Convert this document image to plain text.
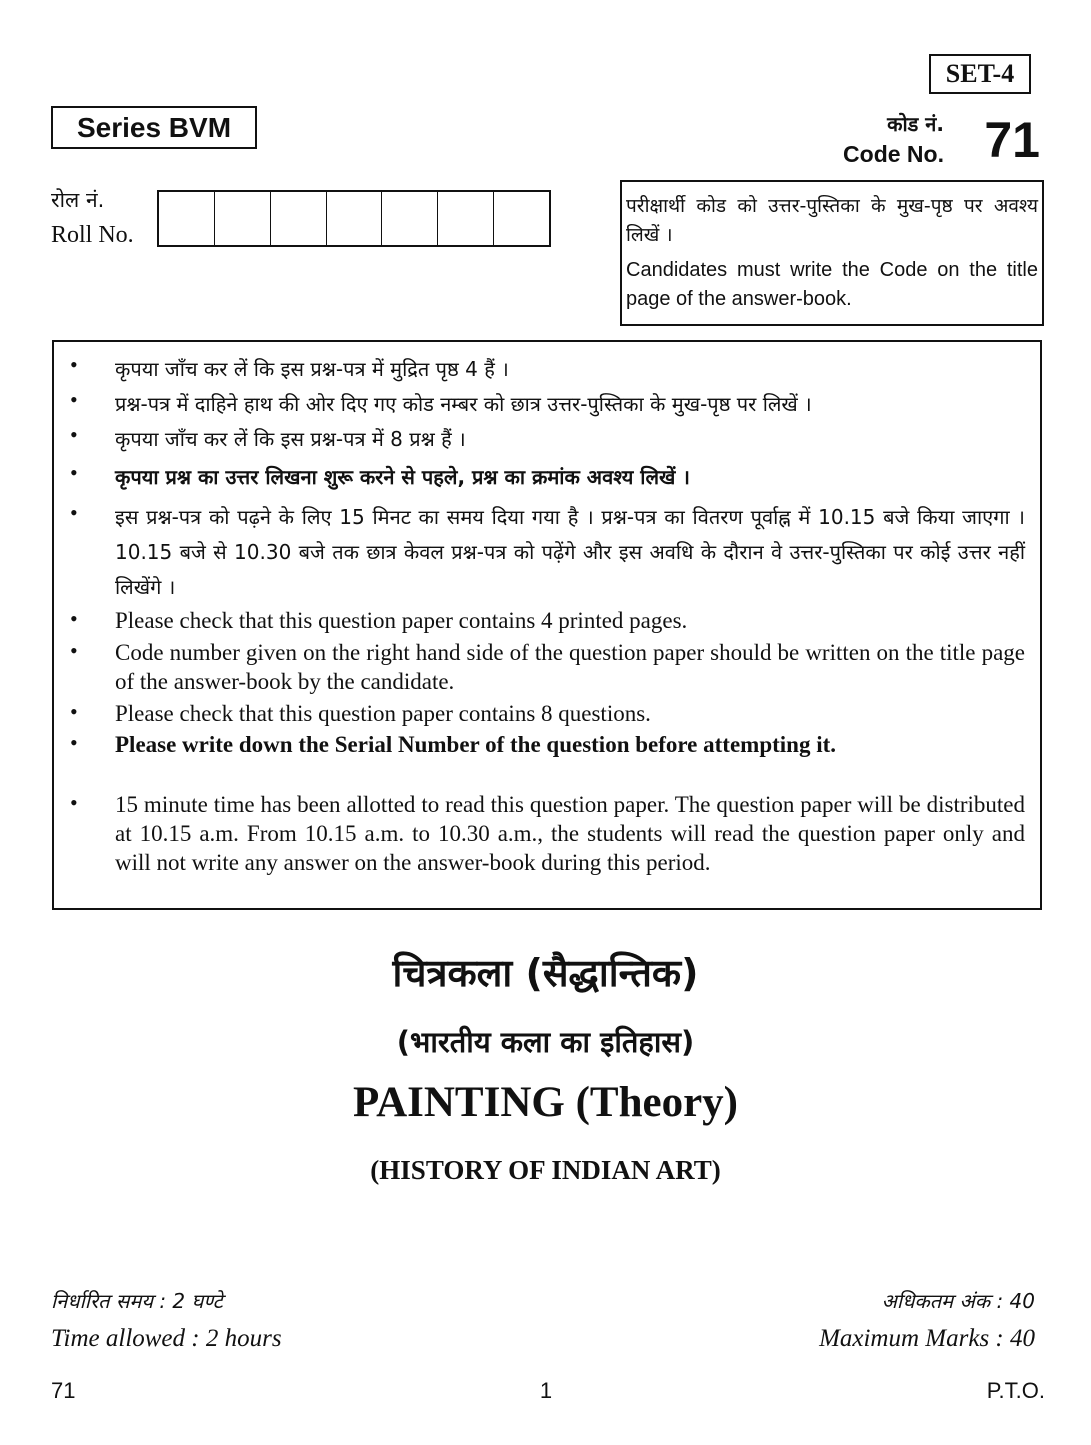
SET-4
Series BVM	कोड नं.
Code No. 71
रोल नं.
Roll No.
परीक्षार्थी कोड को उत्तर-पुस्तिका के मुख-पृष्ठ पर अवश्य लिखें ।
Candidates must write the Code on the title page of the answer-book.
• कृपया जाँच कर लें कि इस प्रश्न-पत्र में मुद्रित पृष्ठ 4 हैं ।
• प्रश्न-पत्र में दाहिने हाथ की ओर दिए गए कोड नम्बर को छात्र उत्तर-पुस्तिका के मुख-पृष्ठ पर लिखें ।
• कृपया जाँच कर लें कि इस प्रश्न-पत्र में 8 प्रश्न हैं ।
• कृपया प्रश्न का उत्तर लिखना शुरू करने से पहले, प्रश्न का क्रमांक अवश्य लिखें ।
• इस प्रश्न-पत्र को पढ़ने के लिए 15 मिनट का समय दिया गया है । प्रश्न-पत्र का वितरण पूर्वाह्न में 10.15 बजे किया जाएगा । 10.15 बजे से 10.30 बजे तक छात्र केवल प्रश्न-पत्र को पढ़ेंगे और इस अवधि के दौरान वे उत्तर-पुस्तिका पर कोई उत्तर नहीं लिखेंगे ।
• Please check that this question paper contains 4 printed pages.
• Code number given on the right hand side of the question paper should be written on the title page of the answer-book by the candidate.
• Please check that this question paper contains 8 questions.
• Please write down the Serial Number of the question before attempting it.
• 15 minute time has been allotted to read this question paper. The question paper will be distributed at 10.15 a.m. From 10.15 a.m. to 10.30 a.m., the students will read the question paper only and will not write any answer on the answer-book during this period.
चित्रकला (सैद्धान्तिक)
(भारतीय कला का इतिहास)
PAINTING (Theory)
(HISTORY OF INDIAN ART)
निर्धारित समय : 2 घण्टे
Time allowed : 2 hours
अधिकतम अंक : 40
Maximum Marks : 40
71	1	P.T.O.
